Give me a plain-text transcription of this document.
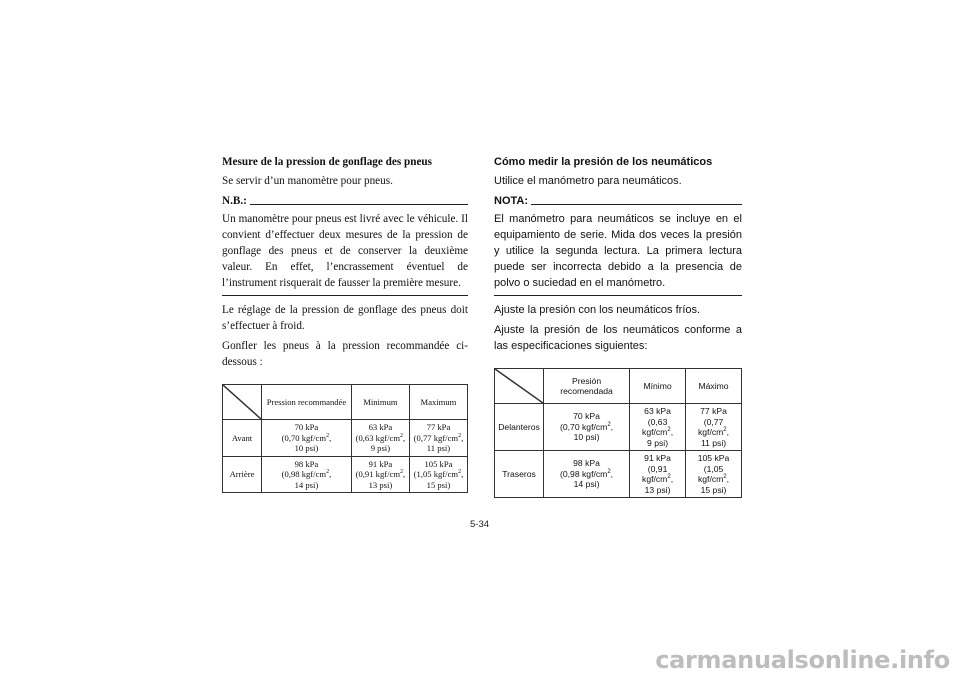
Mesure de la pression de gonflage des pneus

Se servir d’un manomètre pour pneus.

N.B.:

Un manomètre pour pneus est livré avec le véhicule. Il convient d’effectuer deux mesures de la pression de gonflage des pneus et de conserver la deuxième valeur. En effet, l’encrassement éventuel de l’instrument risquerait de fausser la première mesure.

Le réglage de la pression de gonflage des pneus doit s’effectuer à froid.

Gonfler les pneus à la pression recommandée ci-dessous :

	Pression recommandée	Minimum	Maximum
Avant	70 kPa
(0,70 kgf/$cm^2$,
10 psi)	63 kPa
(0,63 kgf/$cm^2$,
9 psi)	77 kPa
(0,77 kgf/$cm^2$,
11 psi)
Arrière	98 kPa
(0,98 kgf/$cm^2$,
14 psi)	91 kPa
(0,91 kgf/$cm^2$,
13 psi)	105 kPa
(1,05 kgf/$cm^2$,
15 psi)
Cómo medir la presión de los neumáticos

Utilice el manómetro para neumáticos.

NOTA:

El manómetro para neumáticos se incluye en el equipamiento de serie. Mida dos veces la presión y utilice la segunda lectura. La primera lectura puede ser incorrecta debido a la presencia de polvo o suciedad en el manómetro.

Ajuste la presión con los neumáticos fríos.

Ajuste la presión de los neumáticos conforme a las especificaciones siguientes:

	Presión recomendada	Mínimo	Máximo
Delanteros	70 kPa
(0,70 kgf/$cm^2$,
10 psi)	63 kPa
(0,63 kgf/$cm^2$,
9 psi)	77 kPa
(0,77 kgf/$cm^2$,
11 psi)
Traseros	98 kPa
(0,98 kgf/$cm^2$,
14 psi)	91 kPa
(0,91 kgf/$cm^2$,
13 psi)	105 kPa
(1,05 kgf/$cm^2$,
15 psi)
5-34
carmanualsonline.info
